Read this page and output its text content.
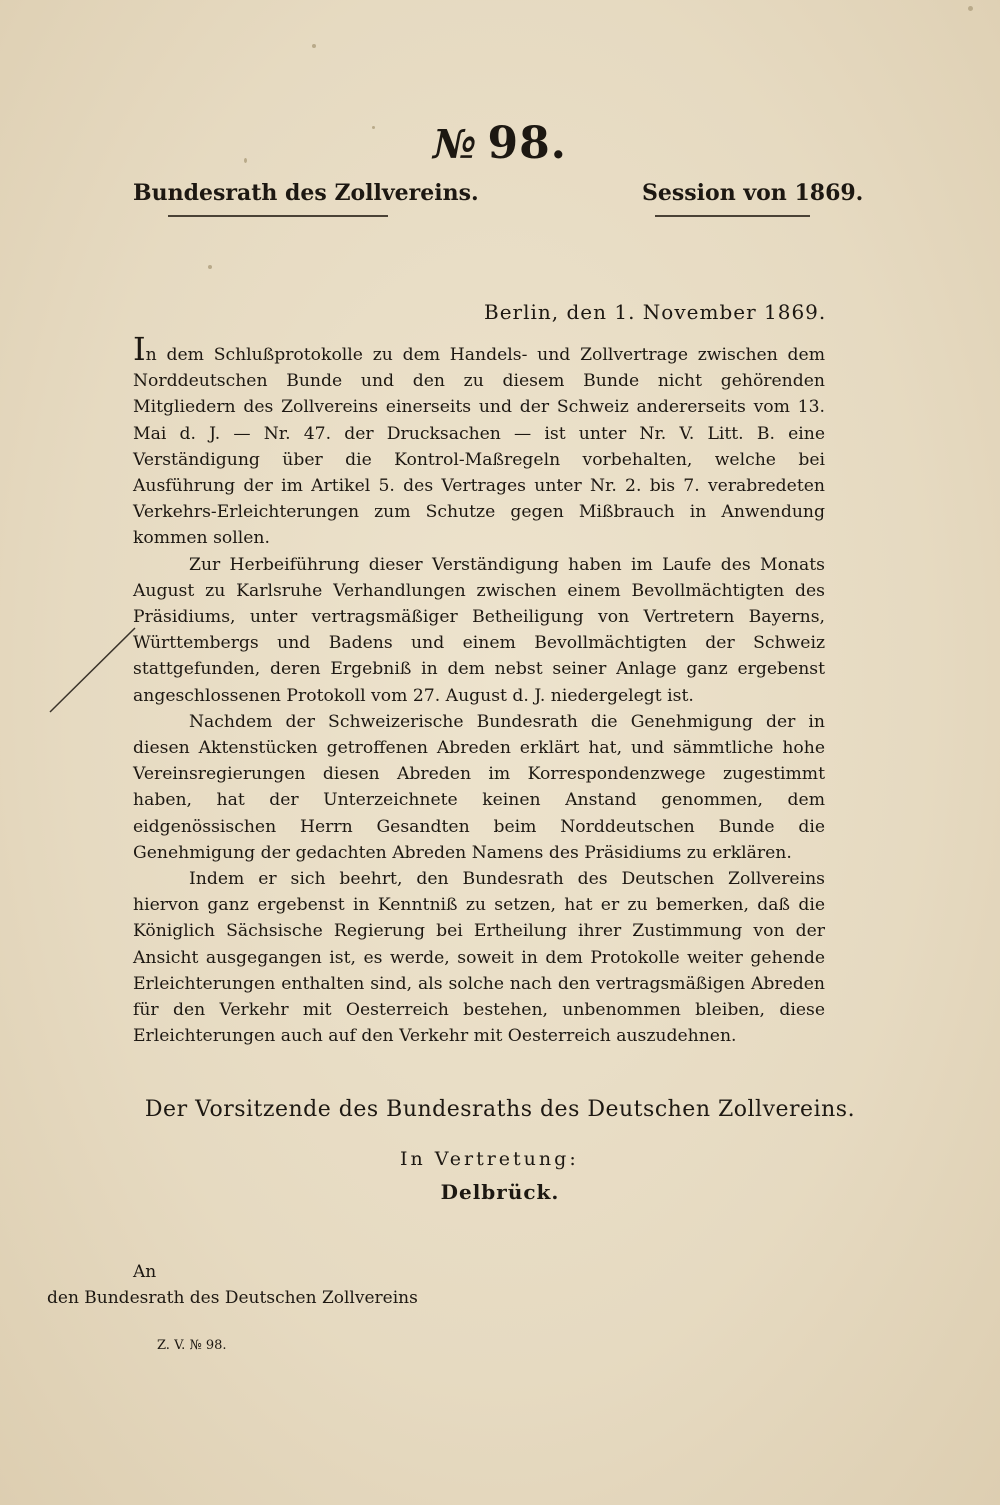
№ 98.
Bundesrath des Zollvereins.	Session von 1869.
Berlin, den 1. November 1869.

In dem Schlußprotokolle zu dem Handels- und Zollvertrage zwischen dem Norddeutschen Bunde und den zu diesem Bunde nicht gehörenden Mitgliedern des Zollvereins einerseits und der Schweiz andererseits vom 13. Mai d. J. — Nr. 47. der Drucksachen — ist unter Nr. V. Litt. B. eine Verständigung über die Kontrol-Maßregeln vorbehalten, welche bei Ausführung der im Artikel 5. des Vertrages unter Nr. 2. bis 7. verabredeten Verkehrs-Erleichterungen zum Schutze gegen Mißbrauch in Anwendung kommen sollen.

Zur Herbeiführung dieser Verständigung haben im Laufe des Monats August zu Karlsruhe Verhandlungen zwischen einem Bevollmächtigten des Präsidiums, unter vertragsmäßiger Betheiligung von Vertretern Bayerns, Württembergs und Badens und einem Bevollmächtigten der Schweiz stattgefunden, deren Ergebniß in dem nebst seiner Anlage ganz ergebenst angeschlossenen Protokoll vom 27. August d. J. niedergelegt ist.

Nachdem der Schweizerische Bundesrath die Genehmigung der in diesen Aktenstücken getroffenen Abreden erklärt hat, und sämmtliche hohe Vereinsregierungen diesen Abreden im Korrespondenzwege zugestimmt haben, hat der Unterzeichnete keinen Anstand genommen, dem eidgenössischen Herrn Gesandten beim Norddeutschen Bunde die Genehmigung der gedachten Abreden Namens des Präsidiums zu erklären.

Indem er sich beehrt, den Bundesrath des Deutschen Zollvereins hiervon ganz ergebenst in Kenntniß zu setzen, hat er zu bemerken, daß die Königlich Sächsische Regierung bei Ertheilung ihrer Zustimmung von der Ansicht ausgegangen ist, es werde, soweit in dem Protokolle weiter gehende Erleichterungen enthalten sind, als solche nach den vertragsmäßigen Abreden für den Verkehr mit Oesterreich bestehen, unbenommen bleiben, diese Erleichterungen auch auf den Verkehr mit Oesterreich auszudehnen.

Der Vorsitzende des Bundesraths des Deutschen Zollvereins.
In Vertretung:
Delbrück.
An
den Bundesrath des Deutschen Zollvereins
Z. V. № 98.
